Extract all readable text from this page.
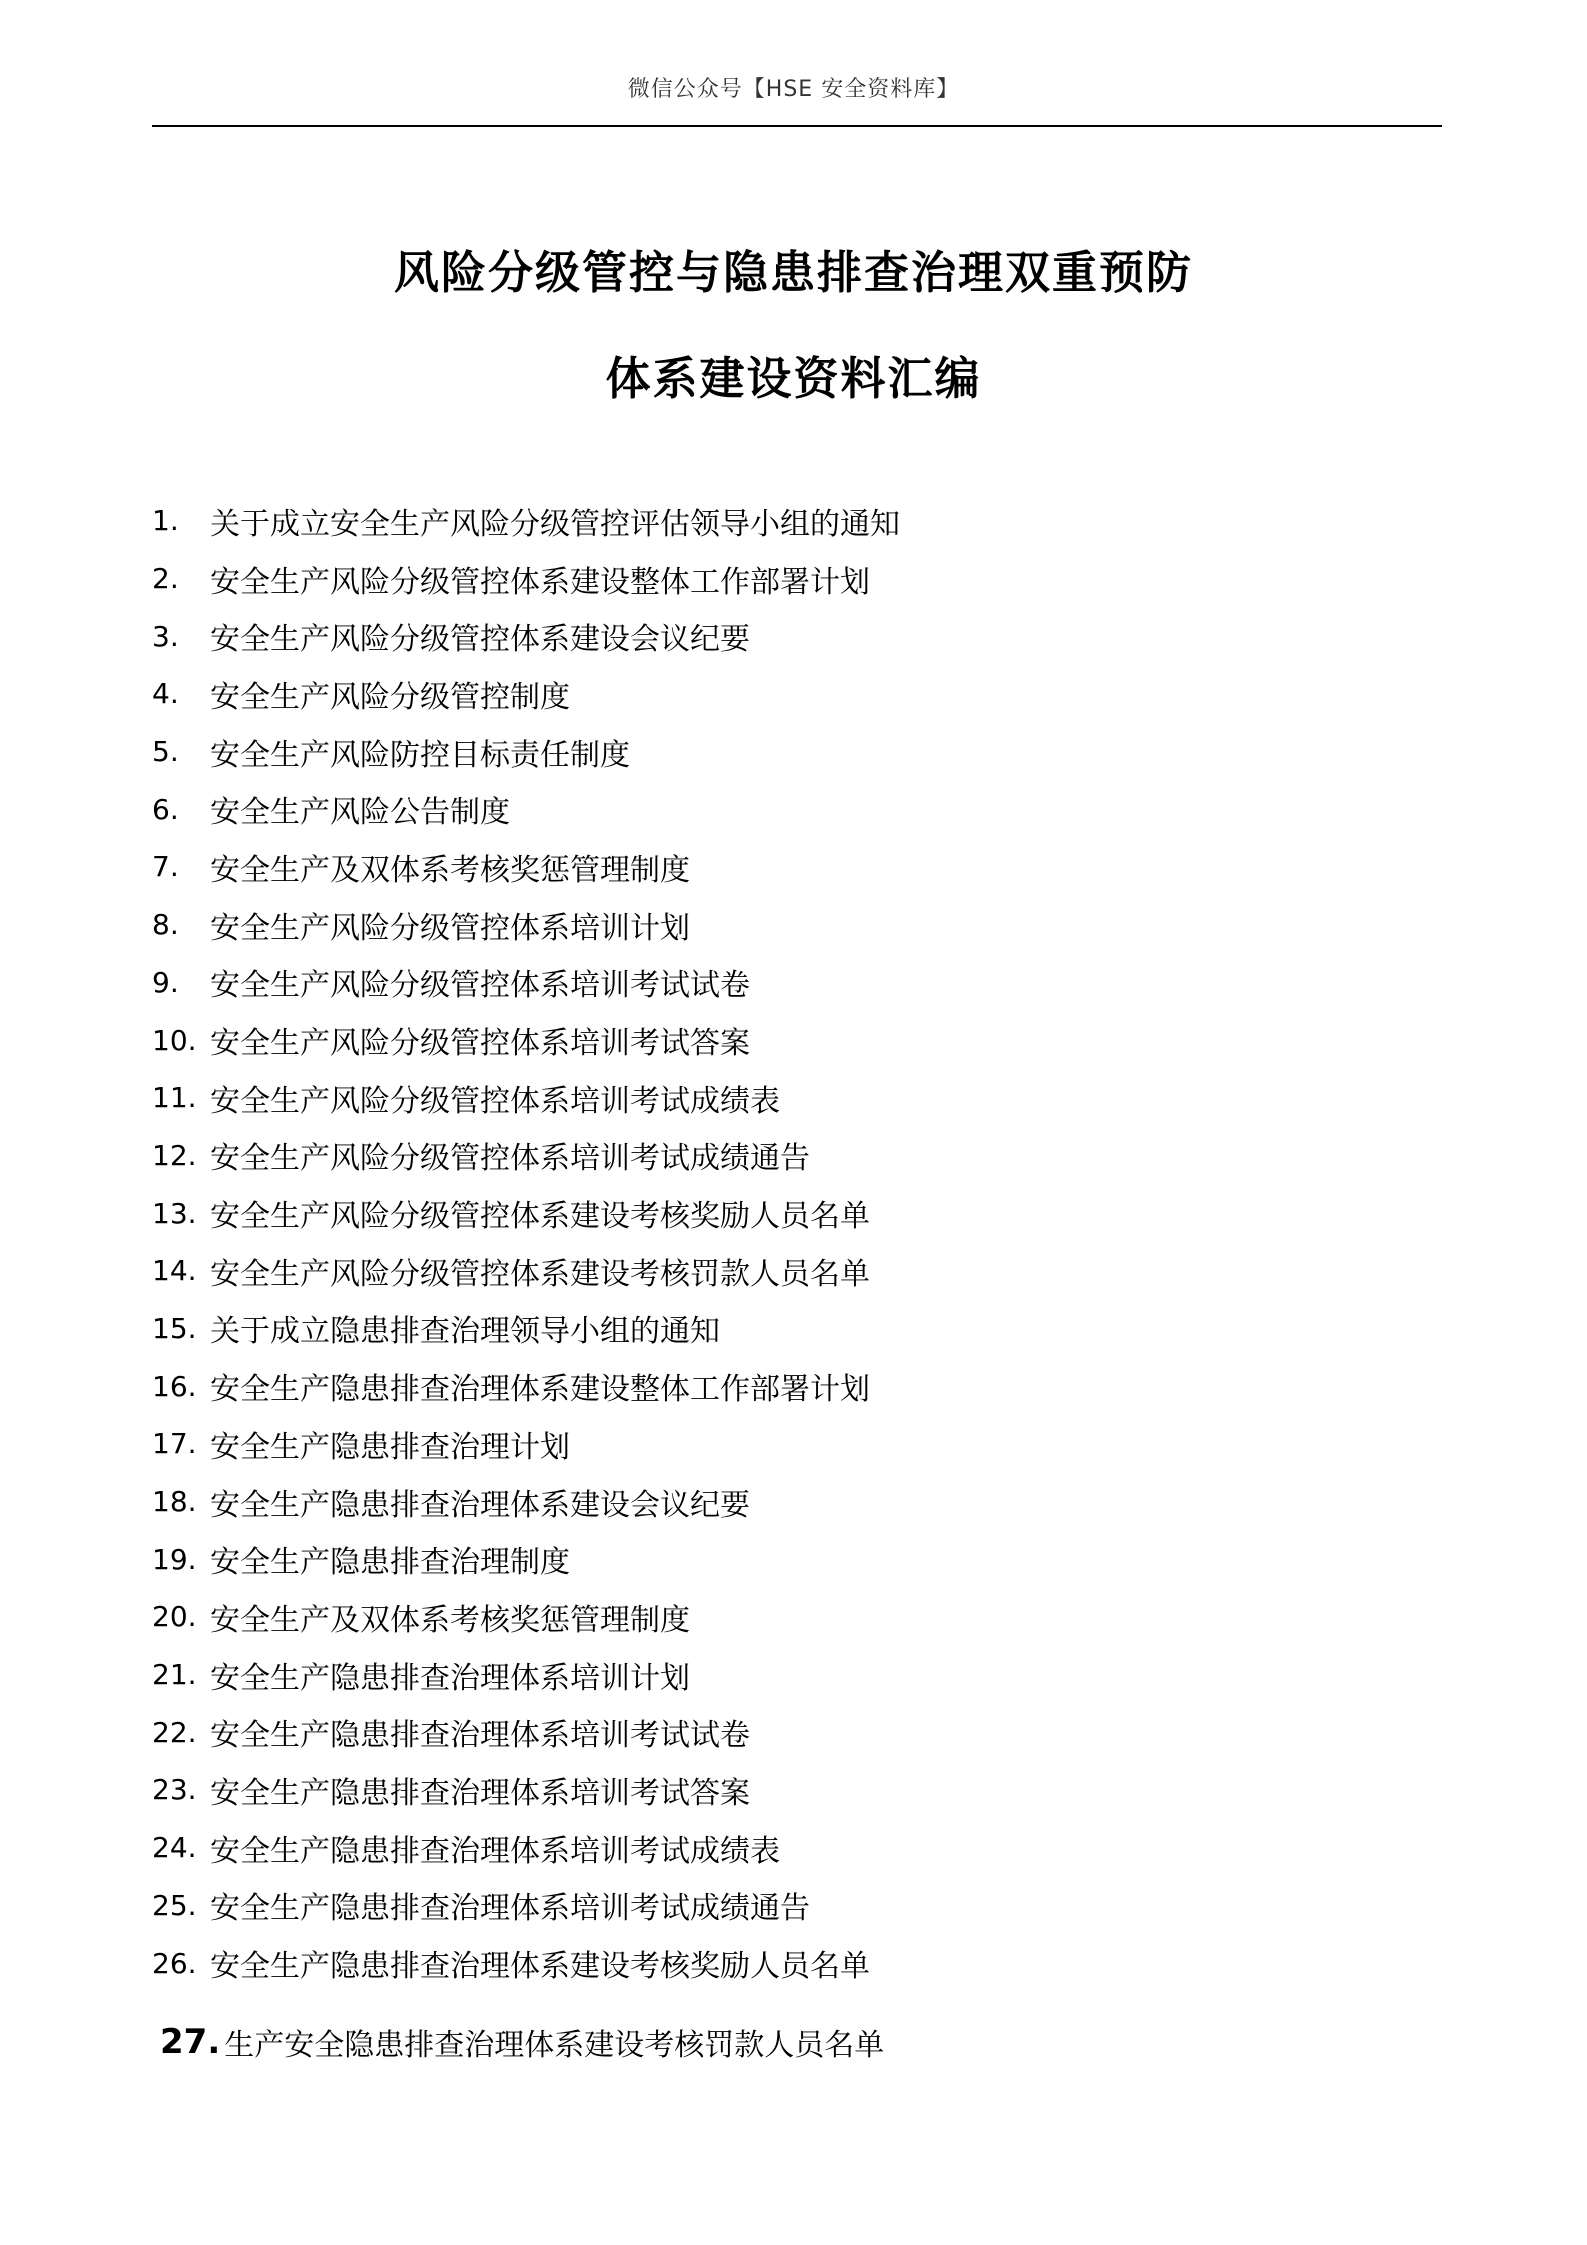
微信公众号【HSE 安全资料库】
风险分级管控与隐患排查治理双重预防
体系建设资料汇编
1.	关于成立安全生产风险分级管控评估领导小组的通知
2.	安全生产风险分级管控体系建设整体工作部署计划
3.	安全生产风险分级管控体系建设会议纪要
4.	安全生产风险分级管控制度
5.	安全生产风险防控目标责任制度
6.	安全生产风险公告制度
7.	安全生产及双体系考核奖惩管理制度
8.	安全生产风险分级管控体系培训计划
9.	安全生产风险分级管控体系培训考试试卷
10. 安全生产风险分级管控体系培训考试答案
11. 安全生产风险分级管控体系培训考试成绩表
12. 安全生产风险分级管控体系培训考试成绩通告
13. 安全生产风险分级管控体系建设考核奖励人员名单
14. 安全生产风险分级管控体系建设考核罚款人员名单
15. 关于成立隐患排查治理领导小组的通知
16. 安全生产隐患排查治理体系建设整体工作部署计划
17. 安全生产隐患排查治理计划
18. 安全生产隐患排查治理体系建设会议纪要
19. 安全生产隐患排查治理制度
20. 安全生产及双体系考核奖惩管理制度
21. 安全生产隐患排查治理体系培训计划
22. 安全生产隐患排查治理体系培训考试试卷
23. 安全生产隐患排查治理体系培训考试答案
24. 安全生产隐患排查治理体系培训考试成绩表
25. 安全生产隐患排查治理体系培训考试成绩通告
26. 安全生产隐患排查治理体系建设考核奖励人员名单
27. 生产安全隐患排查治理体系建设考核罚款人员名单
